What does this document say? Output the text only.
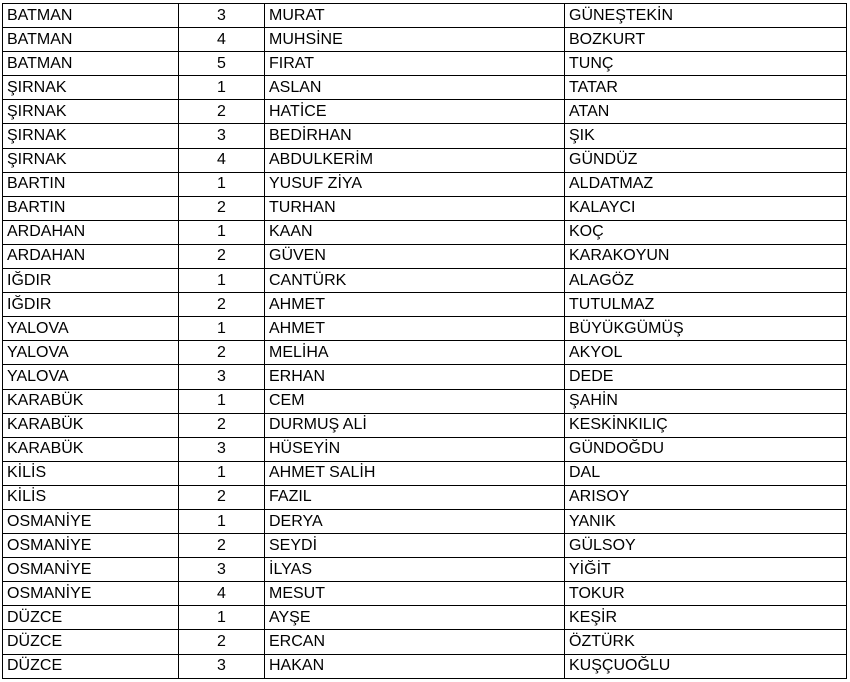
BATMAN	3	MURAT	GÜNEŞTEKİN
BATMAN	4	MUHSİNE	BOZKURT
BATMAN	5	FIRAT	TUNÇ
ŞIRNAK	1	ASLAN	TATAR
ŞIRNAK	2	HATİCE	ATAN
ŞIRNAK	3	BEDİRHAN	ŞIK
ŞIRNAK	4	ABDULKERİM	GÜNDÜZ
BARTIN	1	YUSUF ZİYA	ALDATMAZ
BARTIN	2	TURHAN	KALAYCI
ARDAHAN	1	KAAN	KOÇ
ARDAHAN	2	GÜVEN	KARAKOYUN
IĞDIR	1	CANTÜRK	ALAGÖZ
IĞDIR	2	AHMET	TUTULMAZ
YALOVA	1	AHMET	BÜYÜKGÜMÜŞ
YALOVA	2	MELİHA	AKYOL
YALOVA	3	ERHAN	DEDE
KARABÜK	1	CEM	ŞAHİN
KARABÜK	2	DURMUŞ ALİ	KESKİNKILIÇ
KARABÜK	3	HÜSEYİN	GÜNDOĞDU
KİLİS	1	AHMET SALİH	DAL
KİLİS	2	FAZIL	ARISOY
OSMANİYE	1	DERYA	YANIK
OSMANİYE	2	SEYDİ	GÜLSOY
OSMANİYE	3	İLYAS	YİĞİT
OSMANİYE	4	MESUT	TOKUR
DÜZCE	1	AYŞE	KEŞİR
DÜZCE	2	ERCAN	ÖZTÜRK
DÜZCE	3	HAKAN	KUŞÇUOĞLU
